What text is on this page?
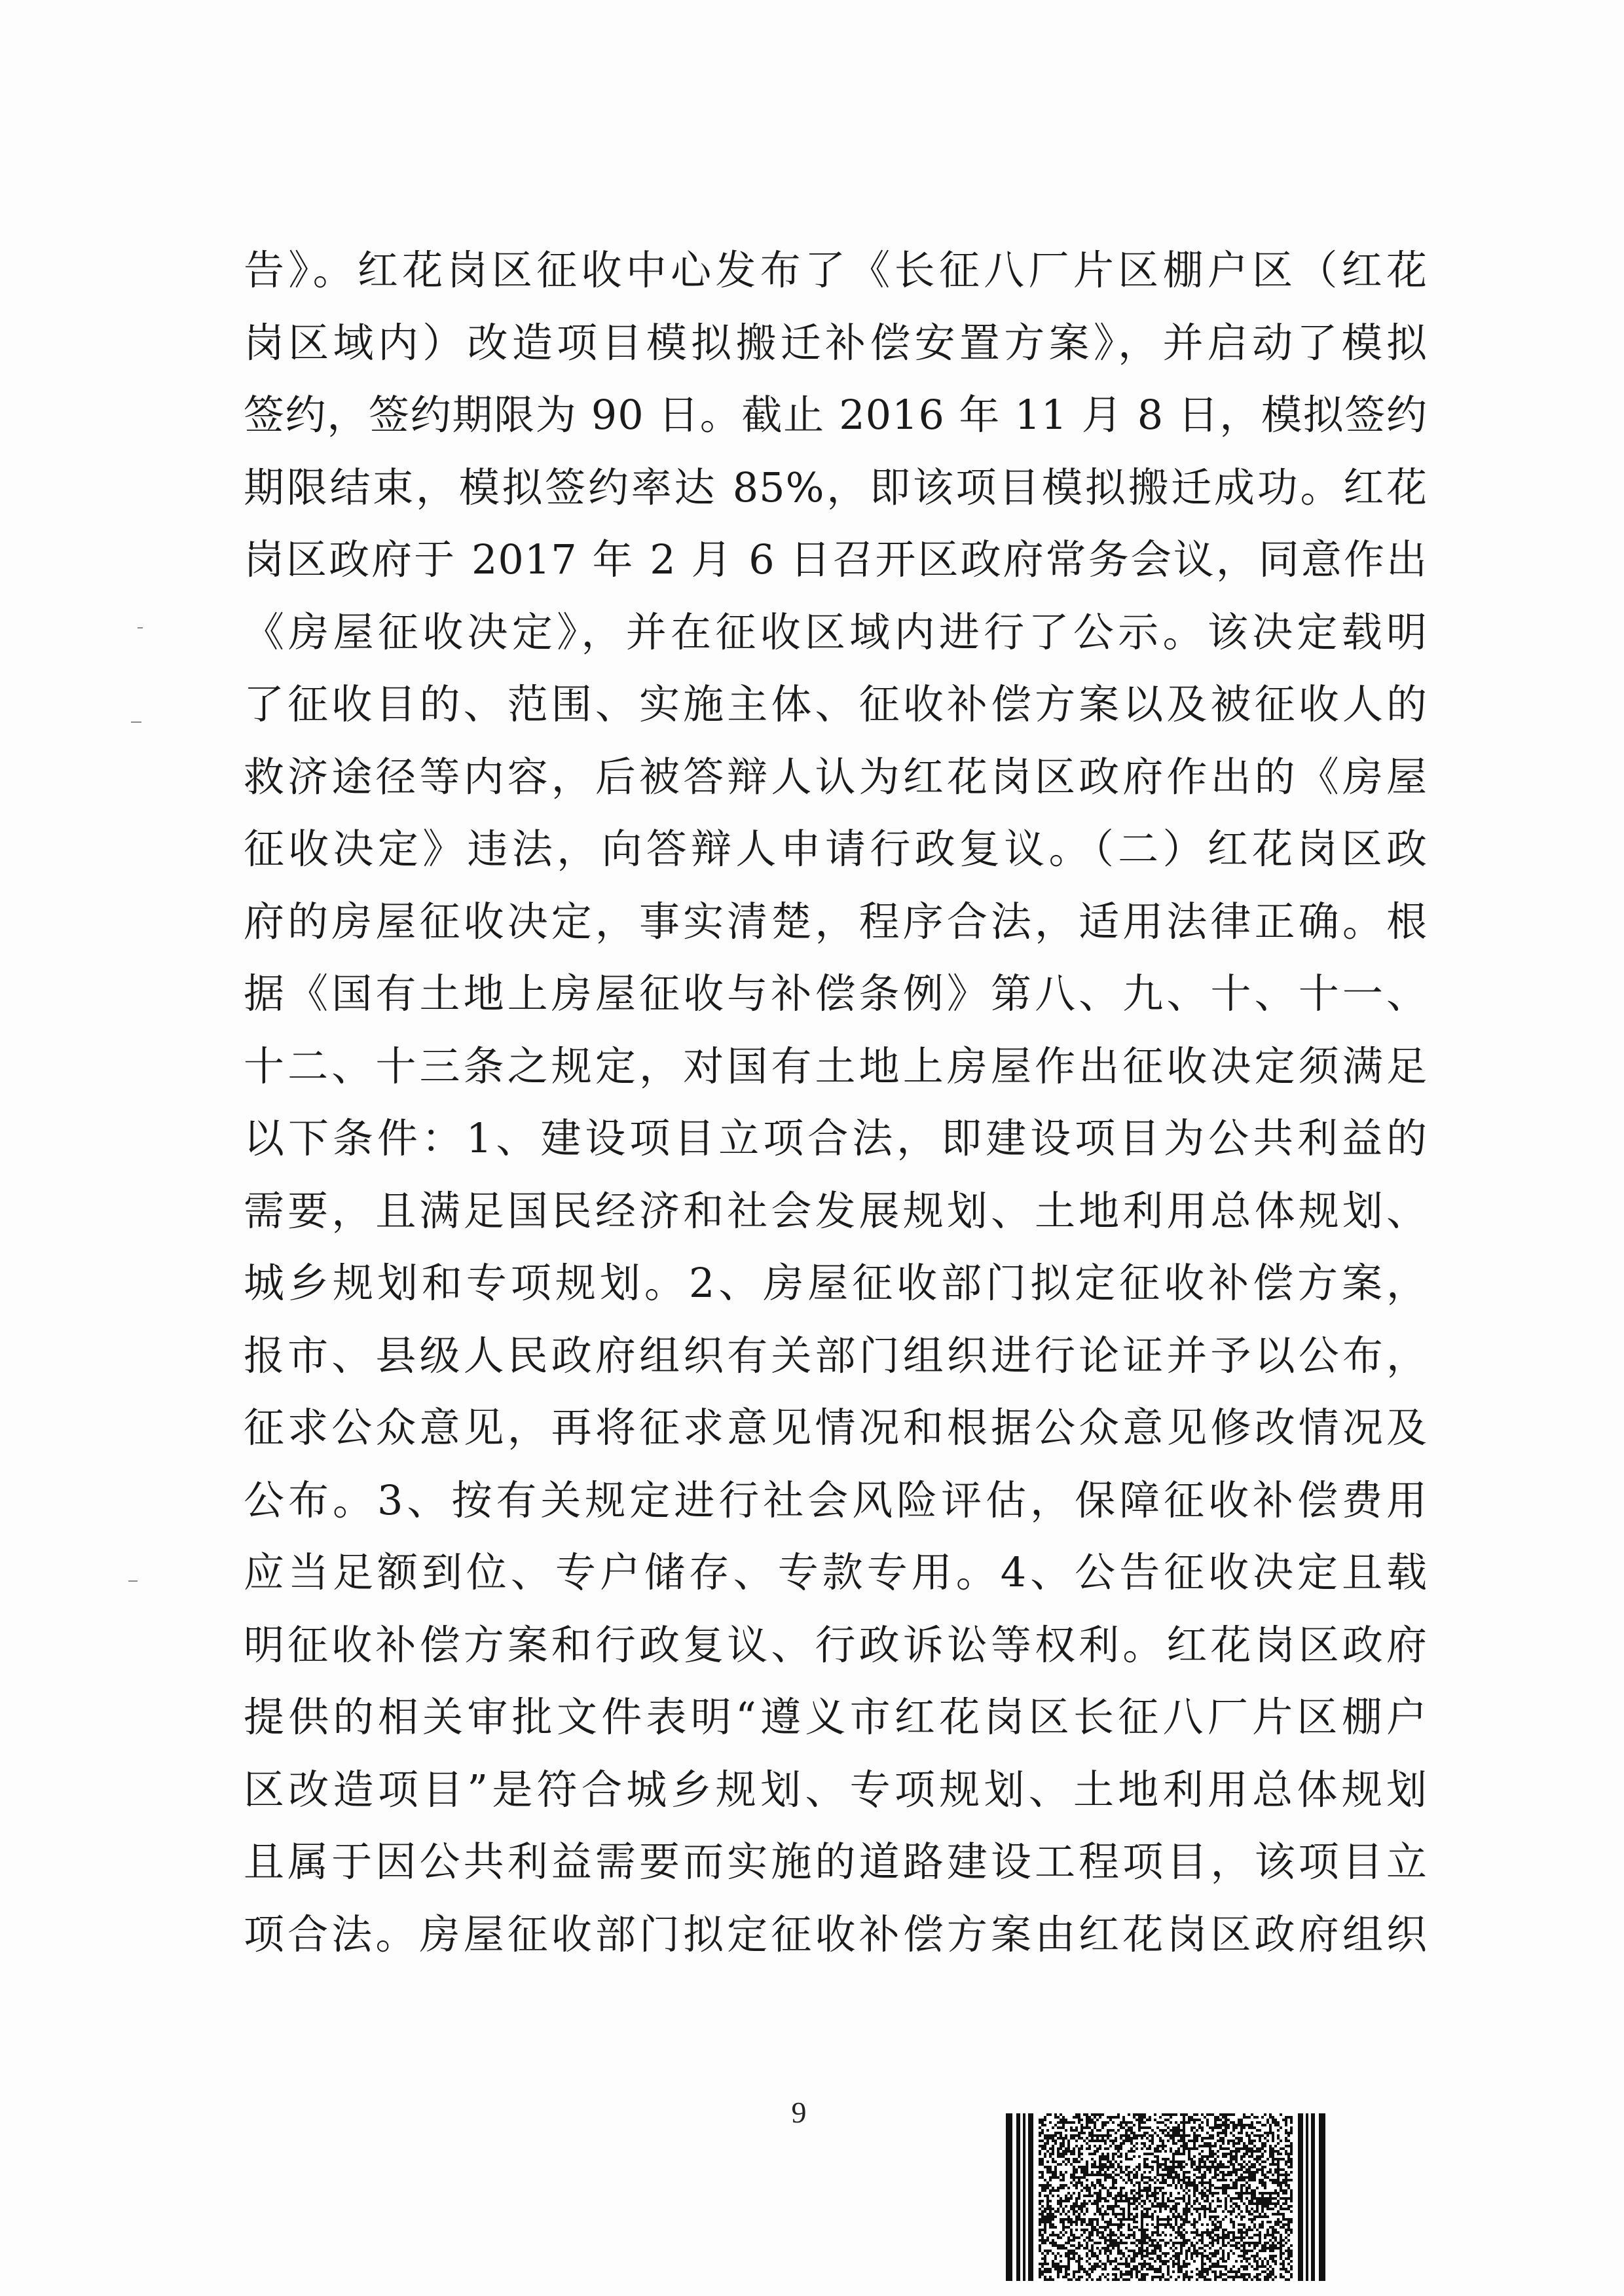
告》。红花岗区征收中心发布了《长征八厂片区棚户区（红花
岗区域内）改造项目模拟搬迁补偿安置方案》，并启动了模拟
签约，签约期限为 90 日。截止 2016 年 11 月 8 日，模拟签约
期限结束，模拟签约率达 85%，即该项目模拟搬迁成功。红花
岗区政府于 2017 年 2 月 6 日召开区政府常务会议，同意作出
《房屋征收决定》，并在征收区域内进行了公示。该决定载明
了征收目的、范围、实施主体、征收补偿方案以及被征收人的
救济途径等内容，后被答辩人认为红花岗区政府作出的《房屋
征收决定》违法，向答辩人申请行政复议。（二）红花岗区政
府的房屋征收决定，事实清楚，程序合法，适用法律正确。根
据《国有土地上房屋征收与补偿条例》第八、九、十、十一、
十二、十三条之规定，对国有土地上房屋作出征收决定须满足
以下条件：1、建设项目立项合法，即建设项目为公共利益的
需要，且满足国民经济和社会发展规划、土地利用总体规划、
城乡规划和专项规划。2、房屋征收部门拟定征收补偿方案，
报市、县级人民政府组织有关部门组织进行论证并予以公布，
征求公众意见，再将征求意见情况和根据公众意见修改情况及
公布。3、按有关规定进行社会风险评估，保障征收补偿费用
应当足额到位、专户储存、专款专用。4、公告征收决定且载
明征收补偿方案和行政复议、行政诉讼等权利。红花岗区政府
提供的相关审批文件表明“遵义市红花岗区长征八厂片区棚户
区改造项目”是符合城乡规划、专项规划、土地利用总体规划
且属于因公共利益需要而实施的道路建设工程项目，该项目立
项合法。房屋征收部门拟定征收补偿方案由红花岗区政府组织
9
